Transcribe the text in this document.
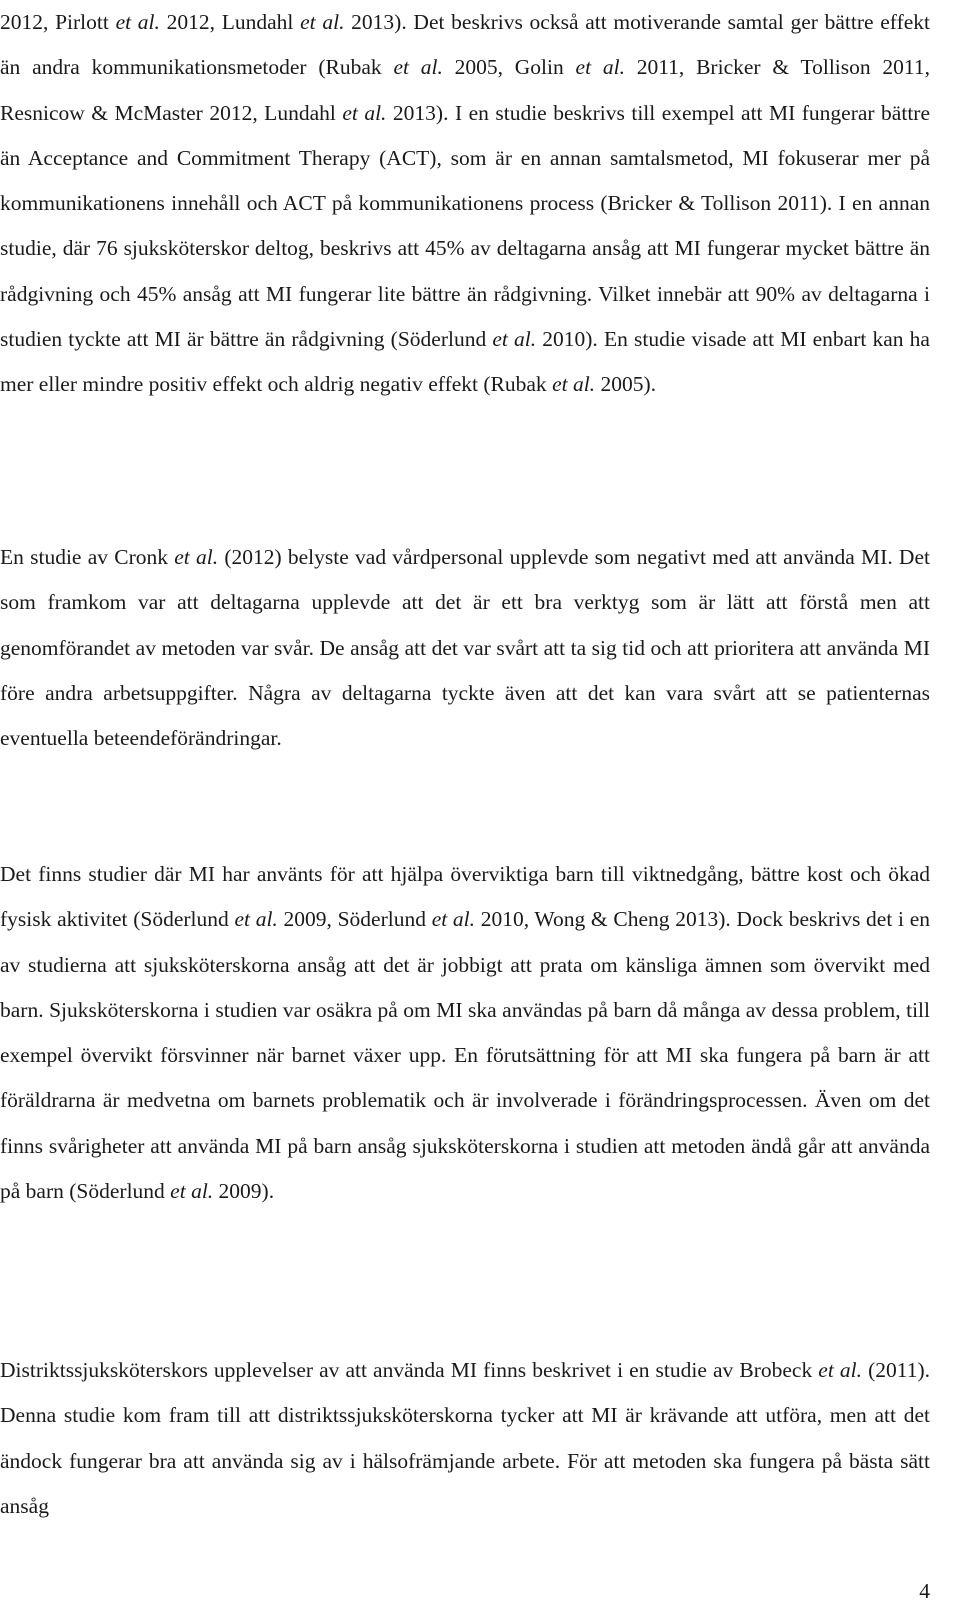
2012, Pirlott et al. 2012, Lundahl et al. 2013). Det beskrivs också att motiverande samtal ger bättre effekt än andra kommunikationsmetoder (Rubak et al. 2005, Golin et al. 2011, Bricker & Tollison 2011, Resnicow & McMaster 2012, Lundahl et al. 2013). I en studie beskrivs till exempel att MI fungerar bättre än Acceptance and Commitment Therapy (ACT), som är en annan samtalsmetod, MI fokuserar mer på kommunikationens innehåll och ACT på kommunikationens process (Bricker & Tollison 2011). I en annan studie, där 76 sjuksköterskor deltog, beskrivs att 45% av deltagarna ansåg att MI fungerar mycket bättre än rådgivning och 45% ansåg att MI fungerar lite bättre än rådgivning. Vilket innebär att 90% av deltagarna i studien tyckte att MI är bättre än rådgivning (Söderlund et al. 2010). En studie visade att MI enbart kan ha mer eller mindre positiv effekt och aldrig negativ effekt (Rubak et al. 2005).

En studie av Cronk et al. (2012) belyste vad vårdpersonal upplevde som negativt med att använda MI. Det som framkom var att deltagarna upplevde att det är ett bra verktyg som är lätt att förstå men att genomförandet av metoden var svår. De ansåg att det var svårt att ta sig tid och att prioritera att använda MI före andra arbetsuppgifter. Några av deltagarna tyckte även att det kan vara svårt att se patienternas eventuella beteendeförändringar.

Det finns studier där MI har använts för att hjälpa överviktiga barn till viktnedgång, bättre kost och ökad fysisk aktivitet (Söderlund et al. 2009, Söderlund et al. 2010, Wong & Cheng 2013). Dock beskrivs det i en av studierna att sjuksköterskorna ansåg att det är jobbigt att prata om känsliga ämnen som övervikt med barn. Sjuksköterskorna i studien var osäkra på om MI ska användas på barn då många av dessa problem, till exempel övervikt försvinner när barnet växer upp. En förutsättning för att MI ska fungera på barn är att föräldrarna är medvetna om barnets problematik och är involverade i förändringsprocessen. Även om det finns svårigheter att använda MI på barn ansåg sjuksköterskorna i studien att metoden ändå går att använda på barn (Söderlund et al. 2009).

Distriktssjuksköterskors upplevelser av att använda MI finns beskrivet i en studie av Brobeck et al. (2011). Denna studie kom fram till att distriktssjuksköterskorna tycker att MI är krävande att utföra, men att det ändock fungerar bra att använda sig av i hälsofrämjande arbete. För att metoden ska fungera på bästa sätt ansåg

4
